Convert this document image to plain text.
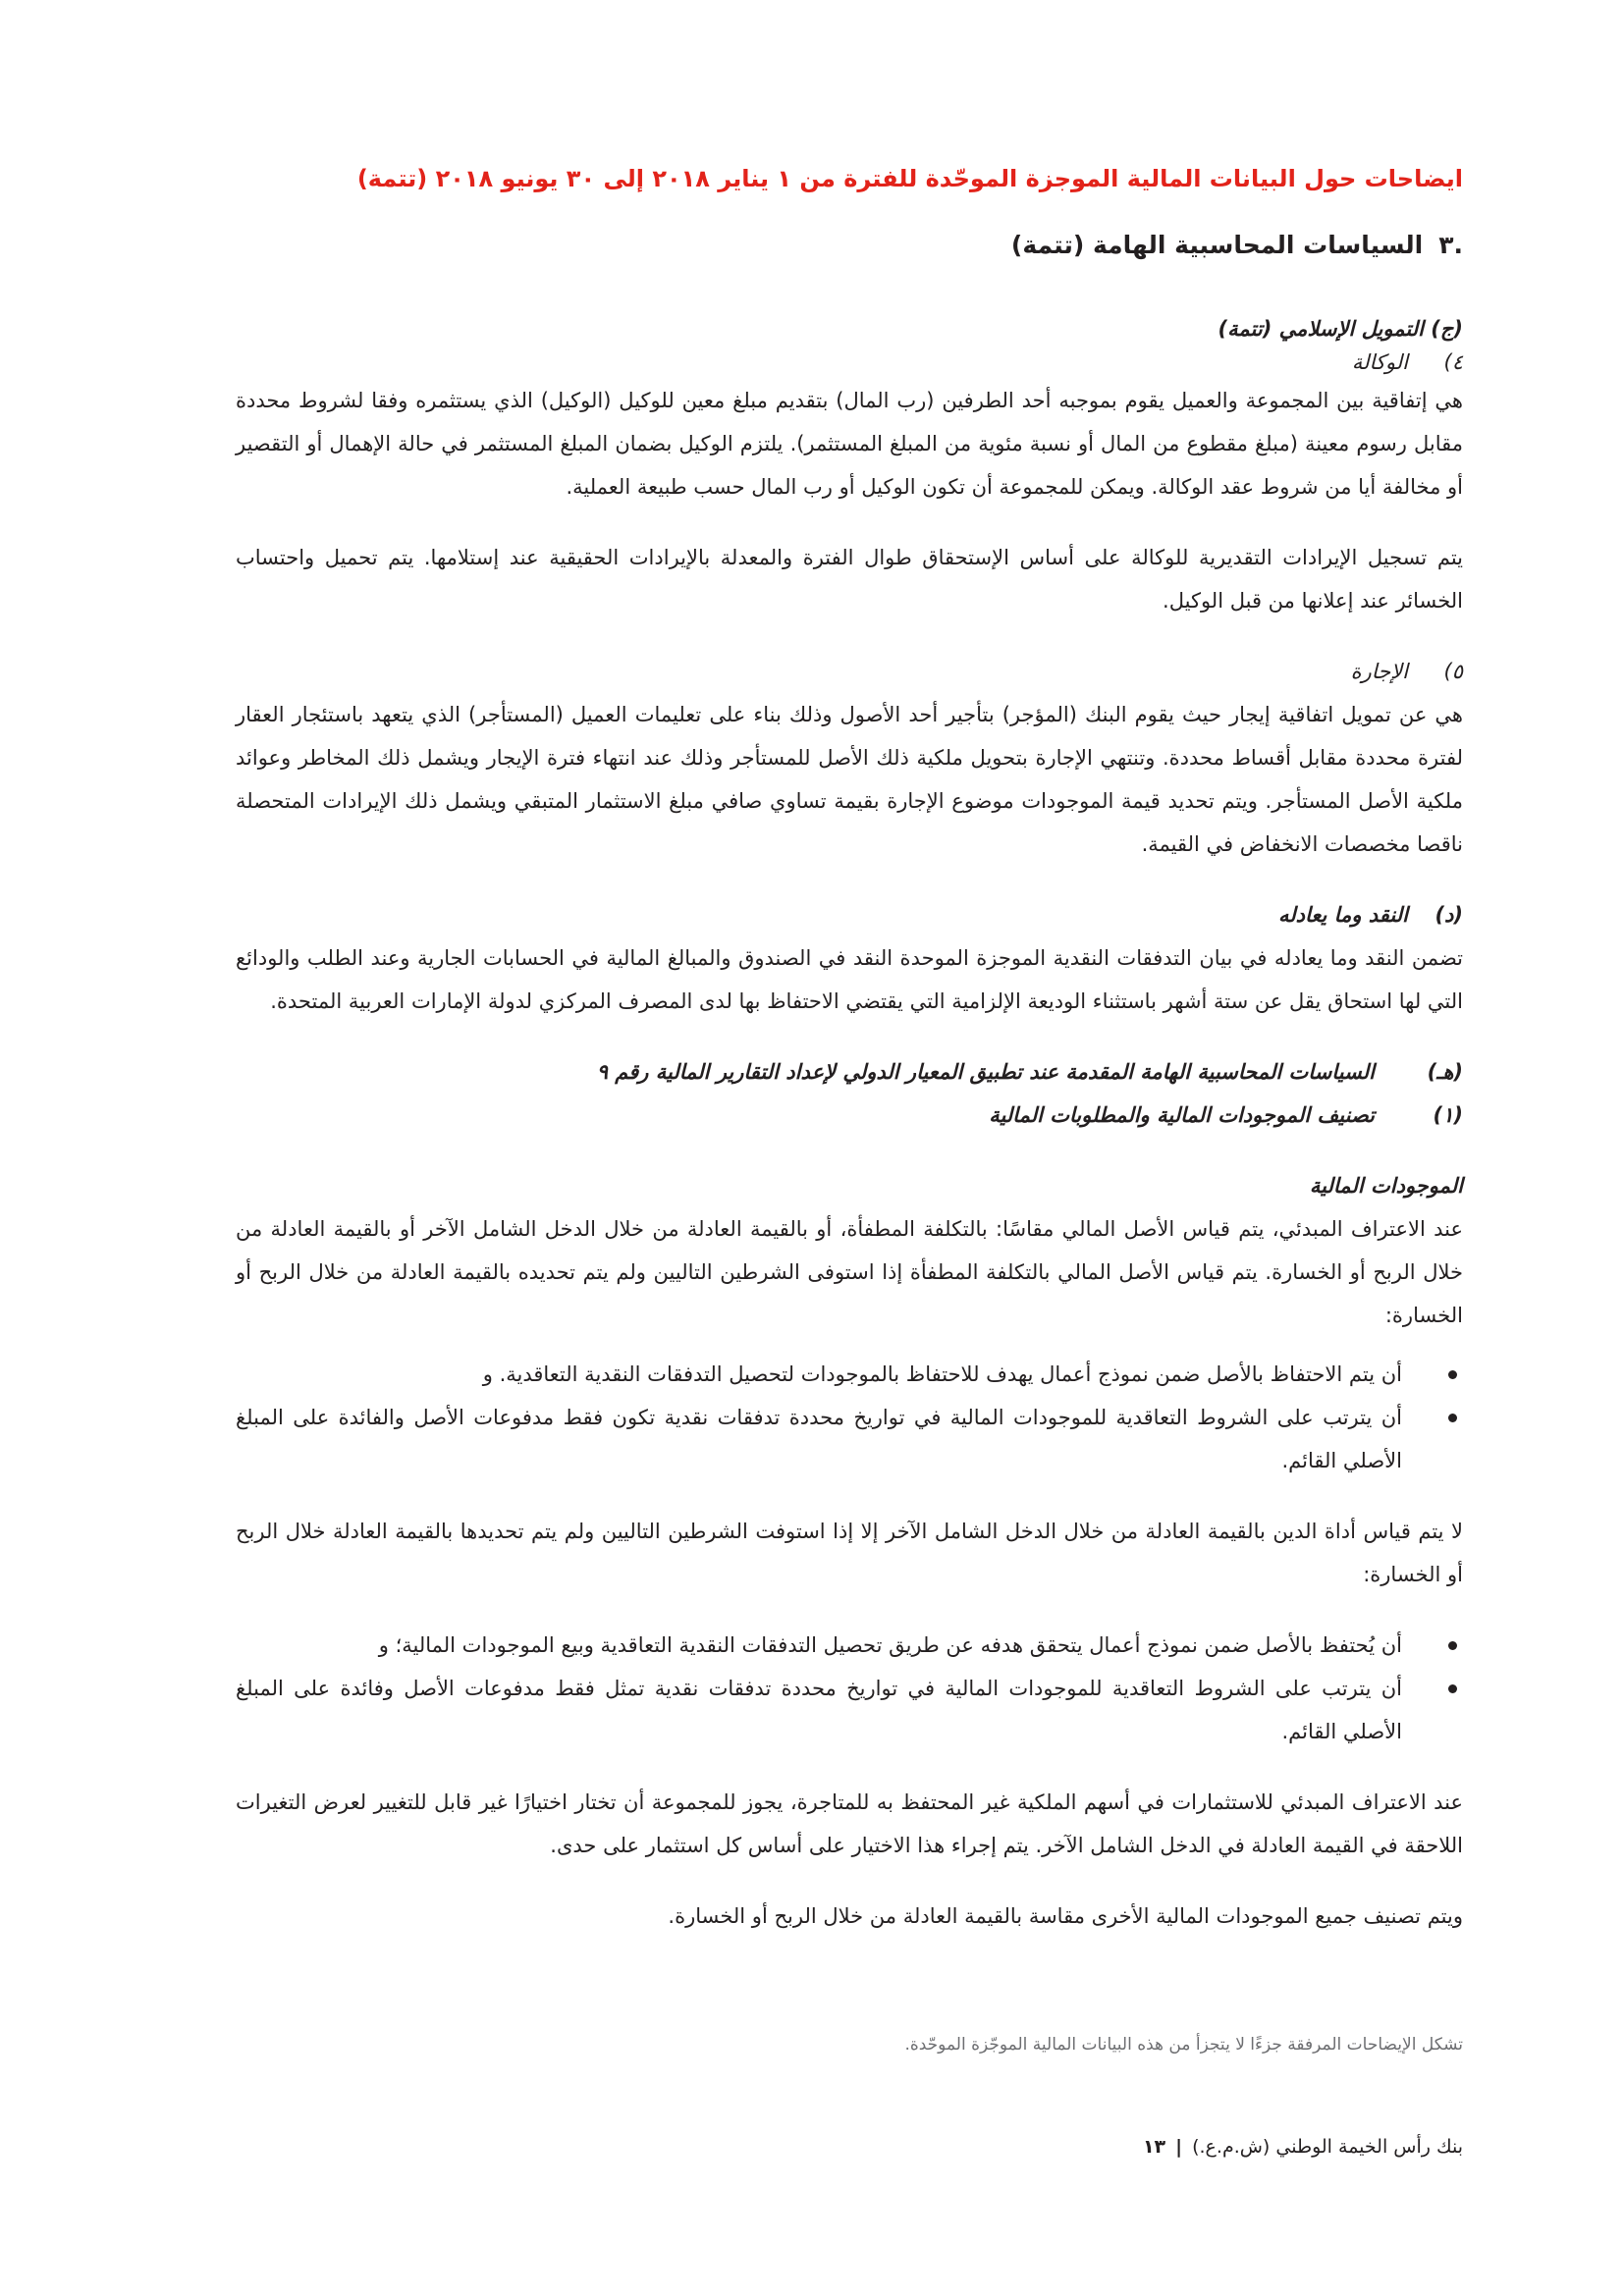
ايضاحات حول البيانات المالية الموجزة الموحّدة للفترة من ١ يناير ٢٠١٨ إلى ٣٠ يونيو ٢٠١٨ (تتمة)
.٣السياسات المحاسبية الهامة (تتمة)
(ج) التمويل الإسلامي (تتمة)
٤)الوكالة
هي إتفاقية بين المجموعة والعميل يقوم بموجبه أحد الطرفين (رب المال) بتقديم مبلغ معين للوكيل (الوكيل) الذي يستثمره وفقا لشروط محددة مقابل رسوم معينة (مبلغ مقطوع من المال أو نسبة مئوية من المبلغ المستثمر). يلتزم الوكيل بضمان المبلغ المستثمر في حالة الإهمال أو التقصير أو مخالفة أيا من شروط عقد الوكالة. ويمكن للمجموعة أن تكون الوكيل أو رب المال حسب طبيعة العملية.
يتم تسجيل الإيرادات التقديرية للوكالة على أساس الإستحقاق طوال الفترة والمعدلة بالإيرادات الحقيقية عند إستلامها. يتم تحميل واحتساب الخسائر عند إعلانها من قبل الوكيل.
٥)الإجارة
هي عن تمويل اتفاقية إيجار حيث يقوم البنك (المؤجر) بتأجير أحد الأصول وذلك بناء على تعليمات العميل (المستأجر) الذي يتعهد باستئجار العقار لفترة محددة مقابل أقساط محددة. وتنتهي الإجارة بتحويل ملكية ذلك الأصل للمستأجر وذلك عند انتهاء فترة الإيجار ويشمل ذلك المخاطر وعوائد ملكية الأصل المستأجر. ويتم تحديد قيمة الموجودات موضوع الإجارة بقيمة تساوي صافي مبلغ الاستثمار المتبقي ويشمل ذلك الإيرادات المتحصلة ناقصا مخصصات الانخفاض في القيمة.
(د)النقد وما يعادله
تضمن النقد وما يعادله في بيان التدفقات النقدية الموجزة الموحدة النقد في الصندوق والمبالغ المالية في الحسابات الجارية وعند الطلب والودائع التي لها استحاق يقل عن ستة أشهر باستثناء الوديعة الإلزامية التي يقتضي الاحتفاظ بها لدى المصرف المركزي لدولة الإمارات العربية المتحدة.
(هـ)
السياسات المحاسبية الهامة المقدمة عند تطبيق المعيار الدولي لإعداد التقارير المالية رقم ٩
(١)
تصنيف الموجودات المالية والمطلوبات المالية
الموجودات المالية
عند الاعتراف المبدئي، يتم قياس الأصل المالي مقاسًا: بالتكلفة المطفأة، أو بالقيمة العادلة من خلال الدخل الشامل الآخر أو بالقيمة العادلة من خلال الربح أو الخسارة. يتم قياس الأصل المالي بالتكلفة المطفأة إذا استوفى الشرطين التاليين ولم يتم تحديده بالقيمة العادلة من خلال الربح أو الخسارة:
أن يتم الاحتفاظ بالأصل ضمن نموذج أعمال يهدف للاحتفاظ بالموجودات لتحصيل التدفقات النقدية التعاقدية. و
أن يترتب على الشروط التعاقدية للموجودات المالية في تواريخ محددة تدفقات نقدية تكون فقط مدفوعات الأصل والفائدة على المبلغ الأصلي القائم.
لا يتم قياس أداة الدين بالقيمة العادلة من خلال الدخل الشامل الآخر إلا إذا استوفت الشرطين التاليين ولم يتم تحديدها بالقيمة العادلة خلال الربح أو الخسارة:
أن يُحتفظ بالأصل ضمن نموذج أعمال يتحقق هدفه عن طريق تحصيل التدفقات النقدية التعاقدية وبيع الموجودات المالية؛ و
أن يترتب على الشروط التعاقدية للموجودات المالية في تواريخ محددة تدفقات نقدية تمثل فقط مدفوعات الأصل وفائدة على المبلغ الأصلي القائم.
عند الاعتراف المبدئي للاستثمارات في أسهم الملكية غير المحتفظ به للمتاجرة، يجوز للمجموعة أن تختار اختيارًا غير قابل للتغيير لعرض التغيرات اللاحقة في القيمة العادلة في الدخل الشامل الآخر. يتم إجراء هذا الاختيار على أساس كل استثمار على حدى.
ويتم تصنيف جميع الموجودات المالية الأخرى مقاسة بالقيمة العادلة من خلال الربح أو الخسارة.
تشكل الإيضاحات المرفقة جزءًا لا يتجزأ من هذه البيانات المالية الموجّزة الموحّدة.
بنك رأس الخيمة الوطني (ش.م.ع.)|١٣
